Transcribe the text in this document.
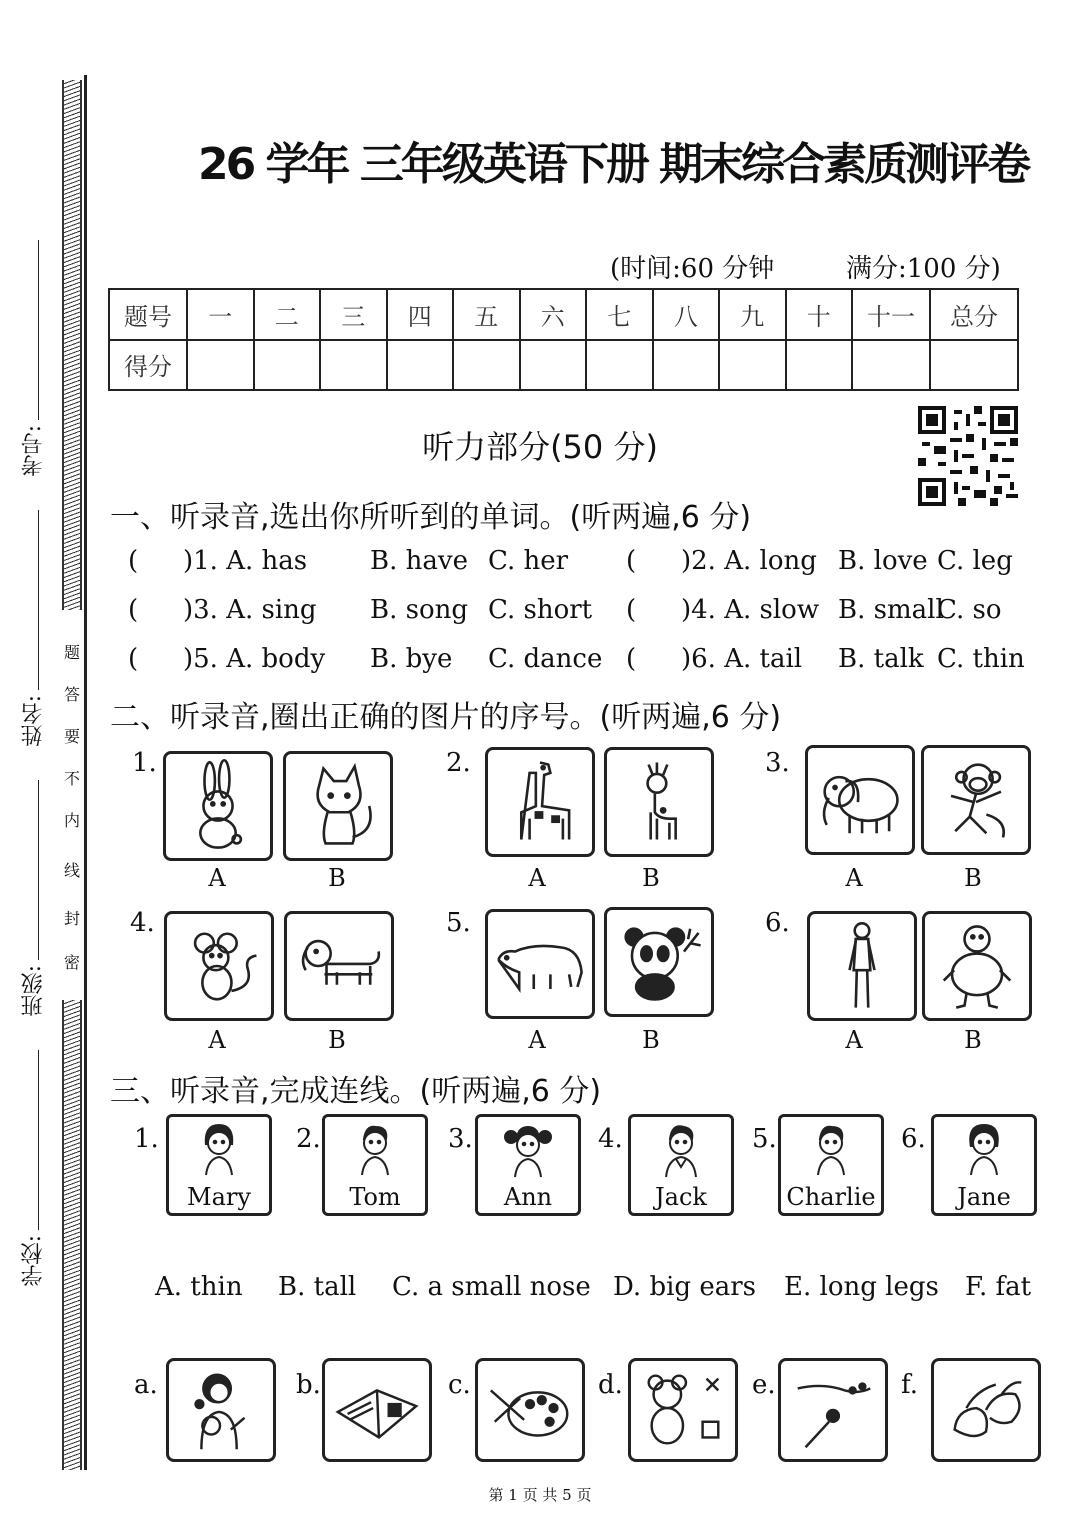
题
答
要
不
内
线
封
密
考号:
姓名:
班级:
学校:
26 学年 三年级英语下册 期末综合素质测评卷
(时间:60 分钟	满分:100 分)
题号	一	二	三	四	五	六	七	八	九	十	十一	总分
得分												
听力部分(50 分)
一、听录音,选出你所听到的单词。(听两遍,6 分)
( )1. A. has B. have C. her ( )2. A. long B. love C. leg
( )3. A. sing B. song C. short ( )4. A. slow B. small
C. so
( )5. A. body B. bye C. dance ( )6. A. tail B. talk C. thin
二、听录音,圈出正确的图片的序号。(听两遍,6 分)
1.
A	B
2.
A	B
3.
A	B
4.
A	B
5.
A	B
6.
A	B
三、听录音,完成连线。(听两遍,6 分)
1.
Mary
2.
Tom
3.
Ann
4.
Jack
5.
Charlie
6.
Jane
A. thin B. tall C. a small nose D. big ears E. long legs F. fat
a.	b.	c.	d.	e.	f.
第 1 页 共 5 页
